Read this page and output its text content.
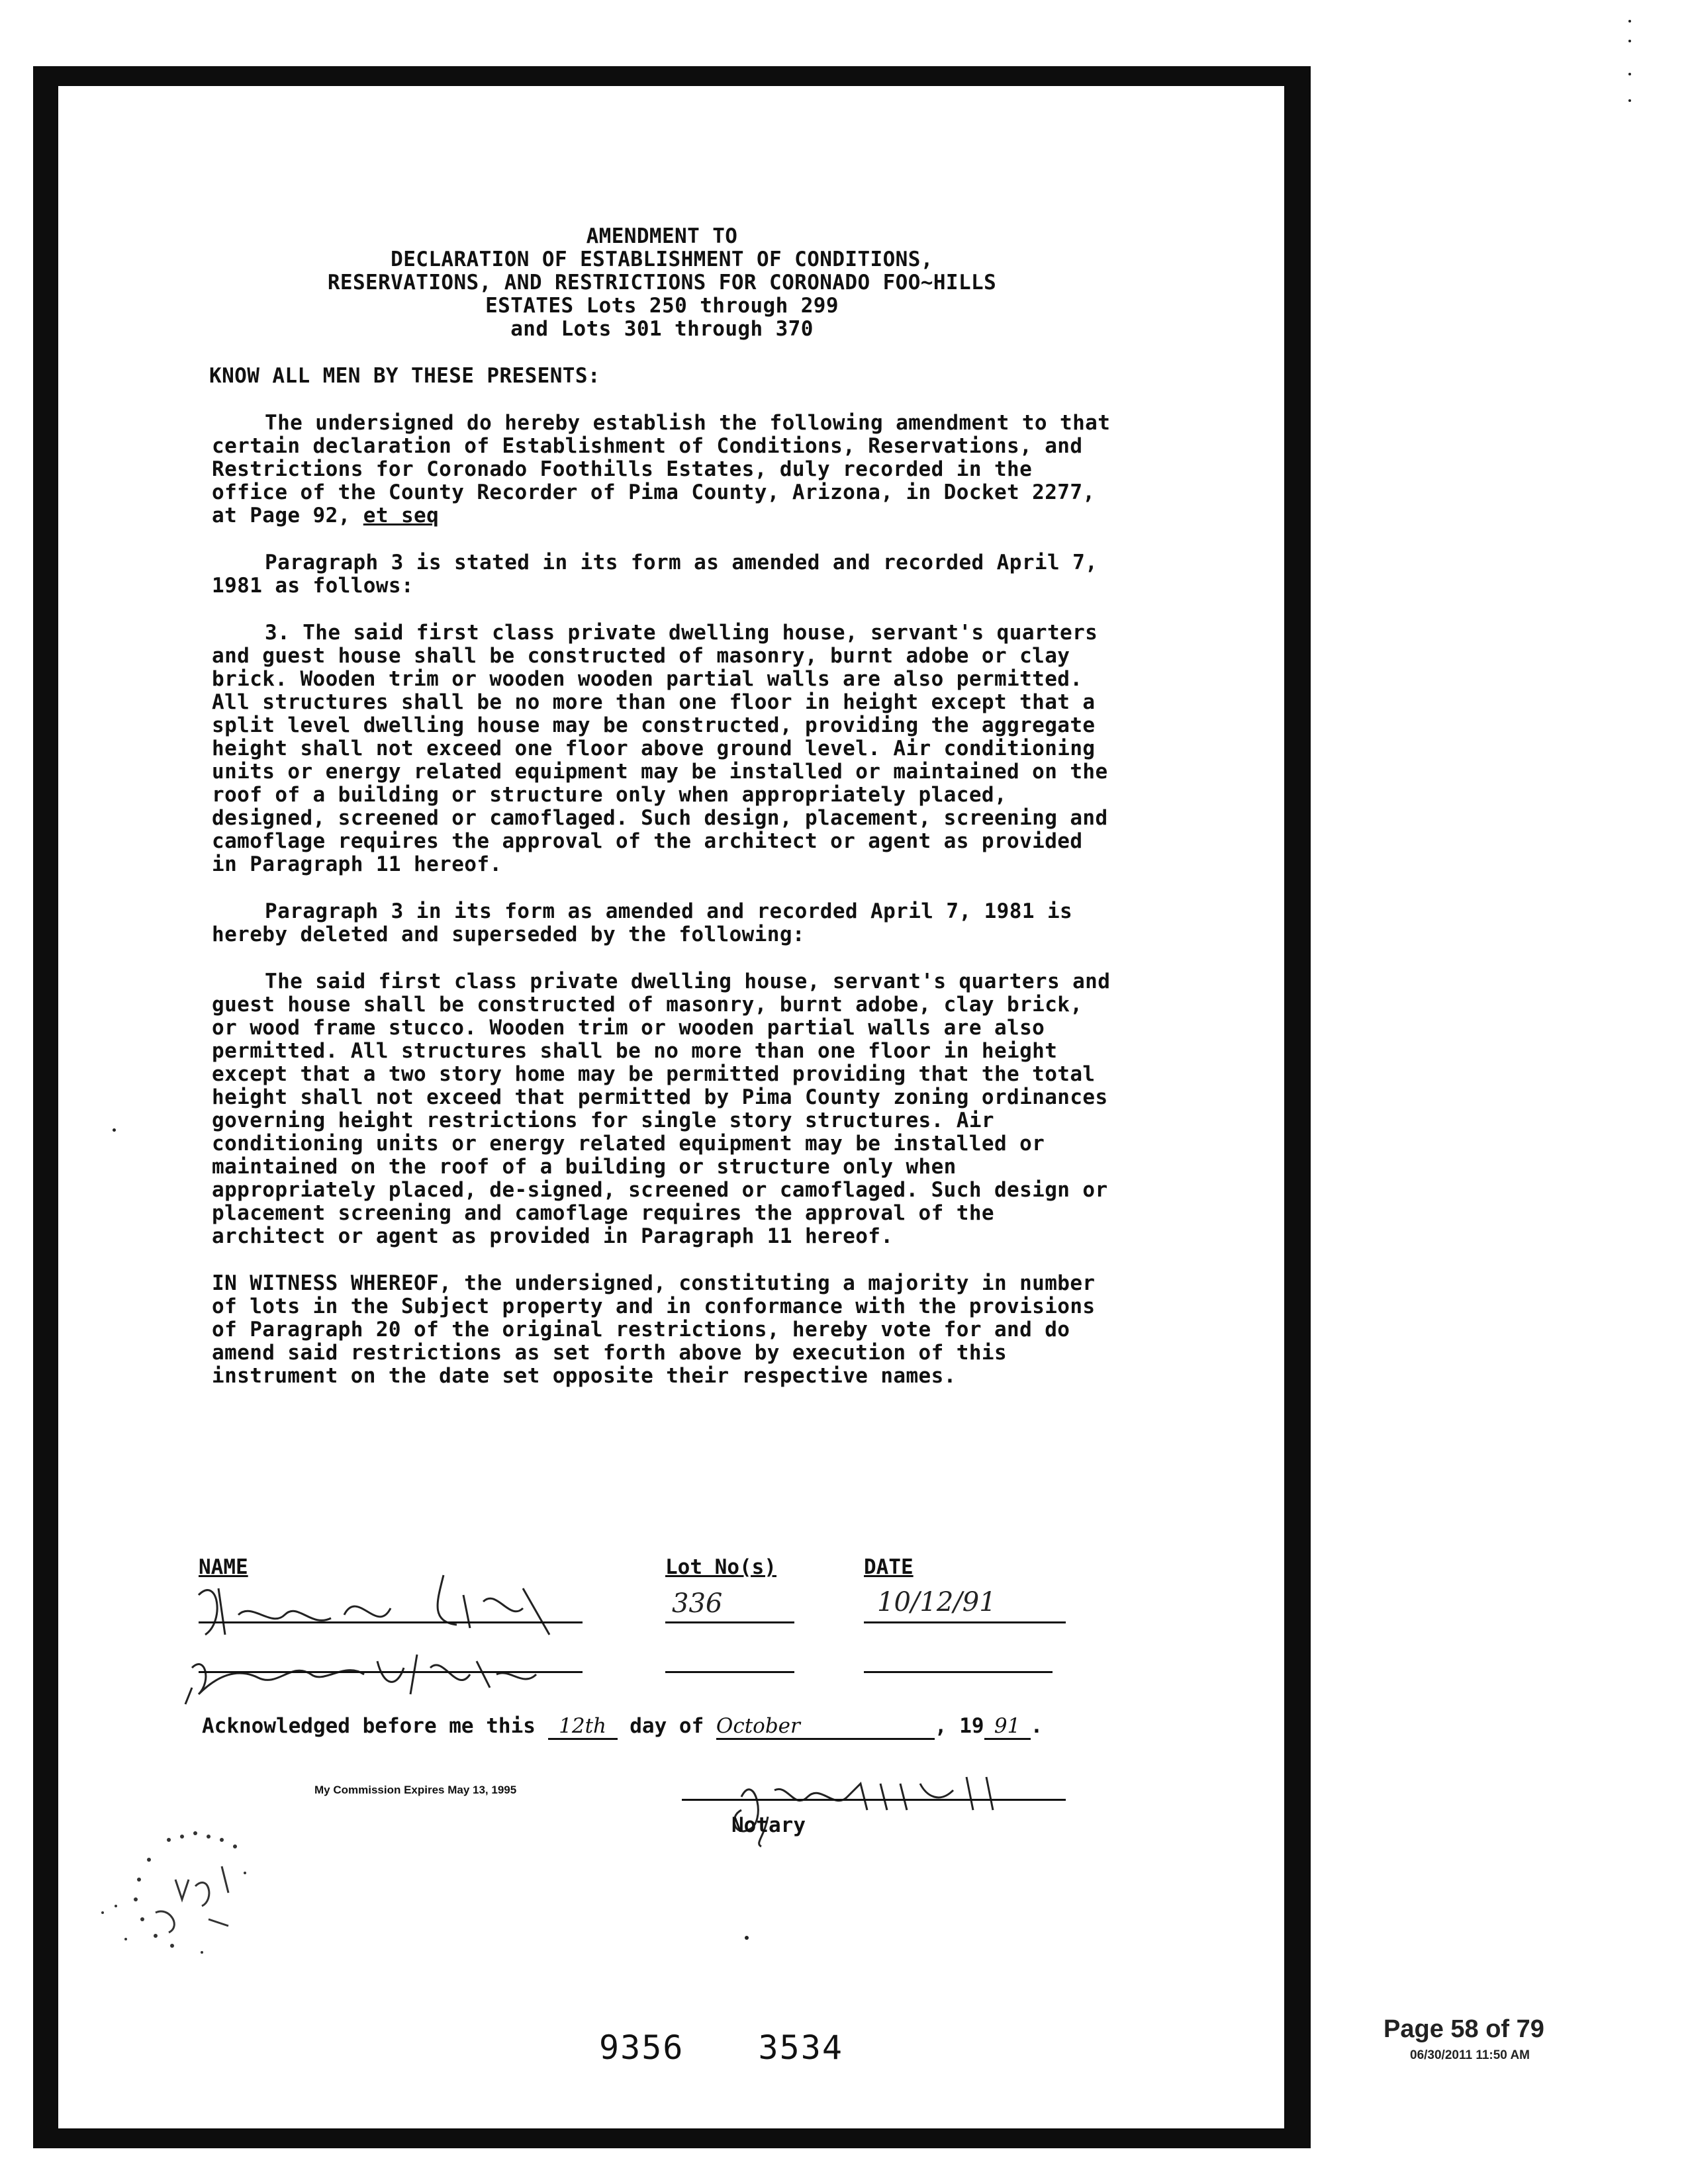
AMENDMENT TO
DECLARATION OF ESTABLISHMENT OF CONDITIONS,
RESERVATIONS, AND RESTRICTIONS FOR CORONADO FOO~HILLS
ESTATES Lots 250 through 299
and Lots 301 through 370
KNOW ALL MEN BY THESE PRESENTS:
The undersigned do hereby establish the following amendment to that certain declaration of Establishment of Conditions, Reservations, and Restrictions for Coronado Foothills Estates, duly recorded in the office of the County Recorder of Pima County, Arizona, in Docket 2277, at Page 92, et seq
Paragraph 3 is stated in its form as amended and recorded April 7, 1981 as follows:
3. The said first class private dwelling house, servant's quarters and guest house shall be constructed of masonry, burnt adobe or clay brick. Wooden trim or wooden wooden partial walls are also permitted. All structures shall be no more than one floor in height except that a split level dwelling house may be constructed, providing the aggregate height shall not exceed one floor above ground level. Air conditioning units or energy related equipment may be installed or maintained on the roof of a building or structure only when appropriately placed, designed, screened or camoflaged. Such design, placement, screening and camoflage requires the approval of the architect or agent as provided in Paragraph 11 hereof.
Paragraph 3 in its form as amended and recorded April 7, 1981 is hereby deleted and superseded by the following:
The said first class private dwelling house, servant's quarters and guest house shall be constructed of masonry, burnt adobe, clay brick, or wood frame stucco. Wooden trim or wooden partial walls are also permitted. All structures shall be no more than one floor in height except that a two story home may be permitted providing that the total height shall not exceed that permitted by Pima County zoning ordinances governing height restrictions for single story structures. Air conditioning units or energy related equipment may be installed or maintained on the roof of a building or structure only when appropriately placed, de-signed, screened or camoflaged. Such design or placement screening and camoflage requires the approval of the architect or agent as provided in Paragraph 11 hereof.
IN WITNESS WHEREOF, the undersigned, constituting a majority in number of lots in the Subject property and in conformance with the provisions of Paragraph 20 of the original restrictions, hereby vote for and do amend said restrictions as set forth above by execution of this instrument on the date set opposite their respective names.
NAME	Lot No(s)	DATE
336	10/12/91
Acknowledged before me this 12th day of October	, 19 91 .
My Commission Expires May 13, 1995
Notary
9356 3534	Page 58 of 79
06/30/2011 11:50 AM
